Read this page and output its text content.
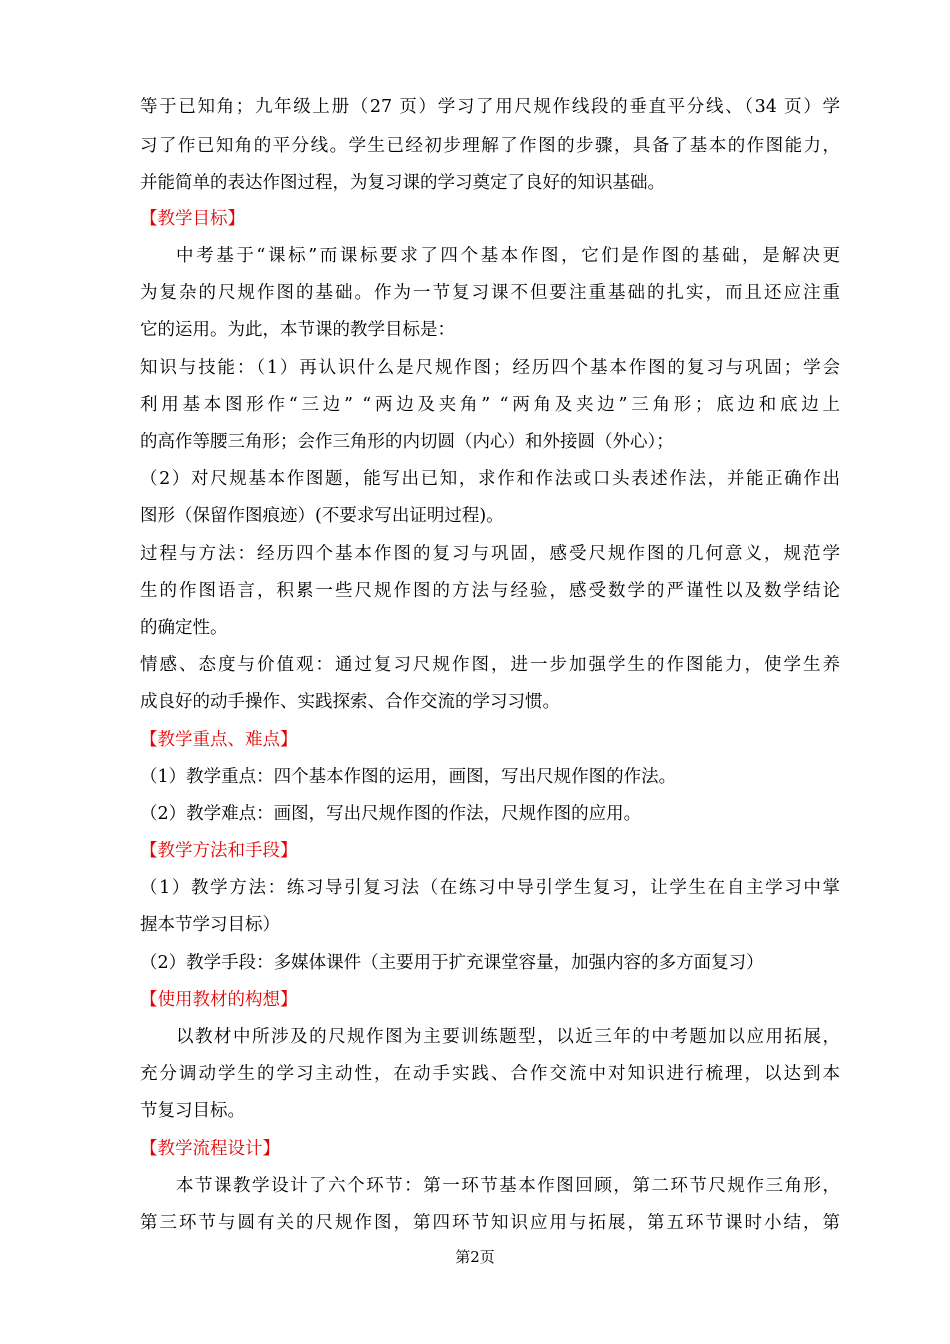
等于已知角；九年级上册（27 页）学习了用尺规作线段的垂直平分线、（34 页）学
习了作已知角的平分线。学生已经初步理解了作图的步骤，具备了基本的作图能力，
并能简单的表达作图过程，为复习课的学习奠定了良好的知识基础。
【教学目标】
中考基于“课标”而课标要求了四个基本作图，它们是作图的基础，是解决更
为复杂的尺规作图的基础。作为一节复习课不但要注重基础的扎实，而且还应注重
它的运用。为此，本节课的教学目标是：
知识与技能：（1）再认识什么是尺规作图；经历四个基本作图的复习与巩固；学会
利用基本图形作“三边” “两边及夹角” “两角及夹边”三角形；底边和底边上
的高作等腰三角形；会作三角形的内切圆（内心）和外接圆（外心）；
（2）对尺规基本作图题，能写出已知，求作和作法或口头表述作法，并能正确作出
图形（保留作图痕迹）(不要求写出证明过程)。
过程与方法：经历四个基本作图的复习与巩固，感受尺规作图的几何意义，规范学
生的作图语言，积累一些尺规作图的方法与经验，感受数学的严谨性以及数学结论
的确定性。
情感、态度与价值观：通过复习尺规作图，进一步加强学生的作图能力，使学生养
成良好的动手操作、实践探索、合作交流的学习习惯。
【教学重点、难点】
（1）教学重点：四个基本作图的运用，画图，写出尺规作图的作法。
（2）教学难点：画图，写出尺规作图的作法，尺规作图的应用。
【教学方法和手段】
（1）教学方法：练习导引复习法（在练习中导引学生复习，让学生在自主学习中掌
握本节学习目标）
（2）教学手段：多媒体课件（主要用于扩充课堂容量，加强内容的多方面复习）
【使用教材的构想】
以教材中所涉及的尺规作图为主要训练题型，以近三年的中考题加以应用拓展，
充分调动学生的学习主动性，在动手实践、合作交流中对知识进行梳理，以达到本
节复习目标。
【教学流程设计】
本节课教学设计了六个环节：第一环节基本作图回顾，第二环节尺规作三角形，
第三环节与圆有关的尺规作图，第四环节知识应用与拓展，第五环节课时小结，第
第2页
